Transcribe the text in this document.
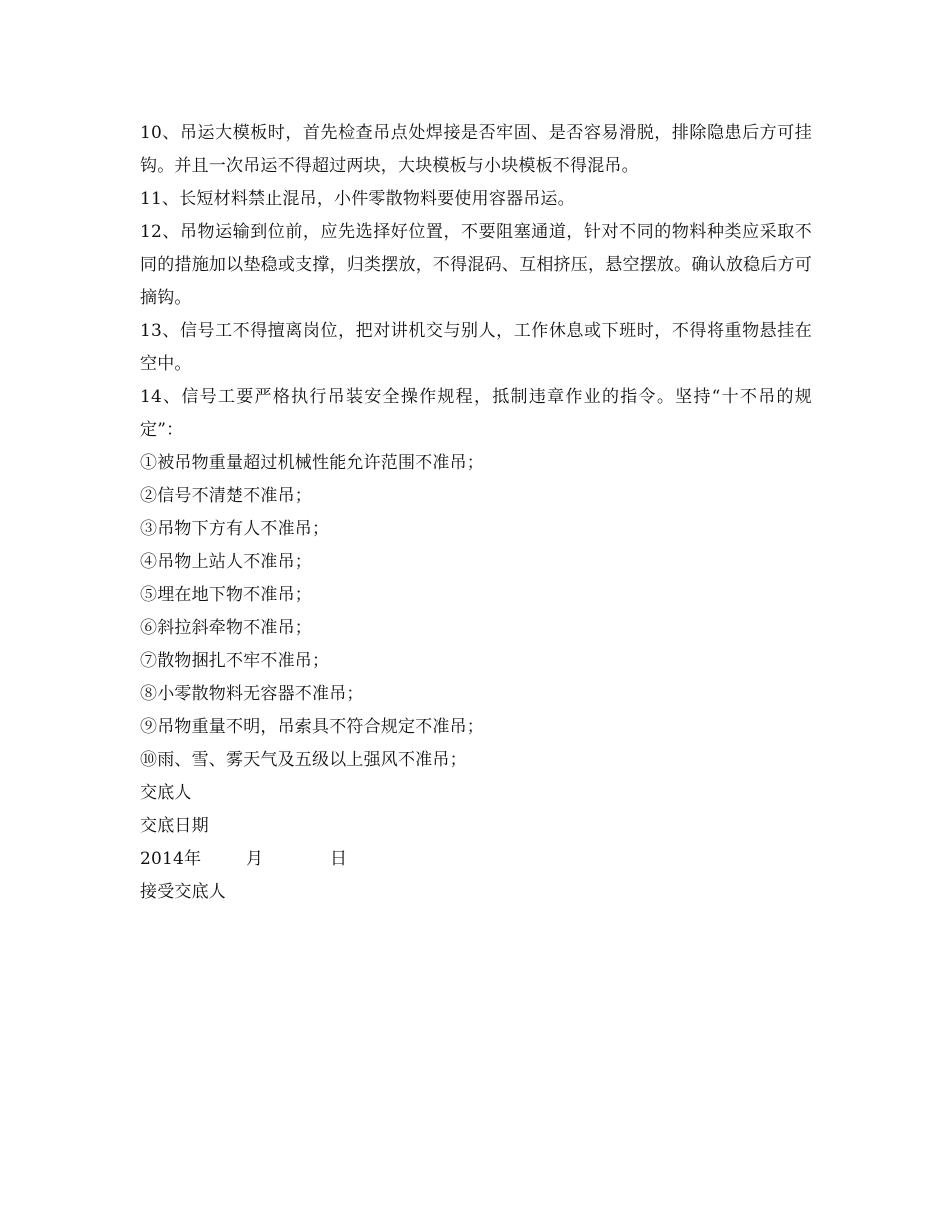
10、吊运大模板时，首先检查吊点处焊接是否牢固、是否容易滑脱，排除隐患后方可挂钩。并且一次吊运不得超过两块，大块模板与小块模板不得混吊。

11、长短材料禁止混吊，小件零散物料要使用容器吊运。

12、吊物运输到位前，应先选择好位置，不要阻塞通道，针对不同的物料种类应采取不同的措施加以垫稳或支撑，归类摆放，不得混码、互相挤压，悬空摆放。确认放稳后方可摘钩。

13、信号工不得擅离岗位，把对讲机交与别人，工作休息或下班时，不得将重物悬挂在空中。

14、信号工要严格执行吊装安全操作规程，抵制违章作业的指令。坚持“十不吊的规定”：

①被吊物重量超过机械性能允许范围不准吊；

②信号不清楚不准吊；

③吊物下方有人不准吊；

④吊物上站人不准吊；

⑤埋在地下物不准吊；

⑥斜拉斜牵物不准吊；

⑦散物捆扎不牢不准吊；

⑧小零散物料无容器不准吊；

⑨吊物重量不明，吊索具不符合规定不准吊；

⑩雨、雪、雾天气及五级以上强风不准吊；

交底人

交底日期

2014年	月	日

接受交底人
